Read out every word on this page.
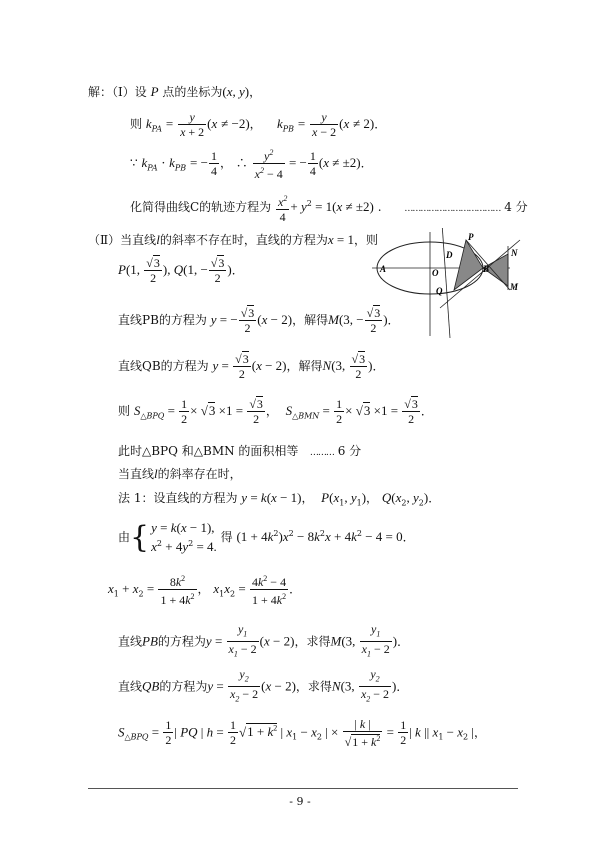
解：（Ⅰ）设 P 点的坐标为(x, y)，
则 $k_{PA} = \frac{y}{x + 2} (x \ne -2)$，    $k_{PB} = \frac{y}{x - 2} (x \ne 2)$．
∵ $k_{PA} \cdot k_{PB}$ = − $\frac{1}{4}$ ， ∴ $\frac{y^2}{x^2 - 4}$ = − $\frac{1}{4} (x \ne \pm 2)$．
化简得曲线C的轨迹方程为 $\frac{x^2}{4} + y^2 = 1(x \ne \pm 2)$ .      ……………………………… 4 分
（Ⅱ）当直线l的斜率不存在时，直线的方程为x = 1，则
P(1, $\frac{√3}{2}$ ), Q(1, − $\frac{√3}{2}$ )．
直线PB的方程为 y = − $\frac{√3}{2} (x - 2)$，解得M(3, − $\frac{√3}{2}$ )．
直线QB的方程为 $y = \frac{√3}{2} (x - 2)$，解得N(3, $\frac{√3}{2}$ )．
则 $S_{\triangle BPQ} = \frac{1}{2} \times √3 \times 1 = \frac{√3}{2}$ ，  $S_{\triangle BMN} = \frac{1}{2} \times √3 \times 1 = \frac{√3}{2}$ ．
此时△BPQ 和△BMN 的面积相等 ……… 6 分
当直线l的斜率存在时，
法 1：设直线的方程为 y = k(x − 1)，  $P(x_1$, $y_1$)， $Q(x_2$, $y_2$)．
由{ y = k(x − 1),
$x^2 + 4y^2 = 4$. 得 $(1 + 4k^2)x^2 - 8k^2x + 4k^2 - 4 = 0$．
$x_1 + x_2 = \frac{8k^2}{1 + 4k^2}$ ， $x_1x_2 = \frac{4k^2 - 4}{1 + 4k^2}$ ．
直线PB的方程为$y = \frac{y_1}{x_1 - 2} (x - 2)$，求得M(3, $\frac{y_1}{x_1 - 2}$ )．
直线QB的方程为$y = \frac{y_2}{x_2 - 2} (x - 2)$，求得N(3, $\frac{y_2}{x_2 - 2}$ )．
$S_{\triangle BPQ} = \frac{1}{2}$ | PQ | $h = \frac{1}{2} √1 + k^2$ | $x_1 - x_2$ | × $\frac{| k |}{√1 + k^2} = \frac{1}{2}$ | k || $x_1 - x_2$ |，
A	B
D
O
P
Q
N
M
- 9 -
